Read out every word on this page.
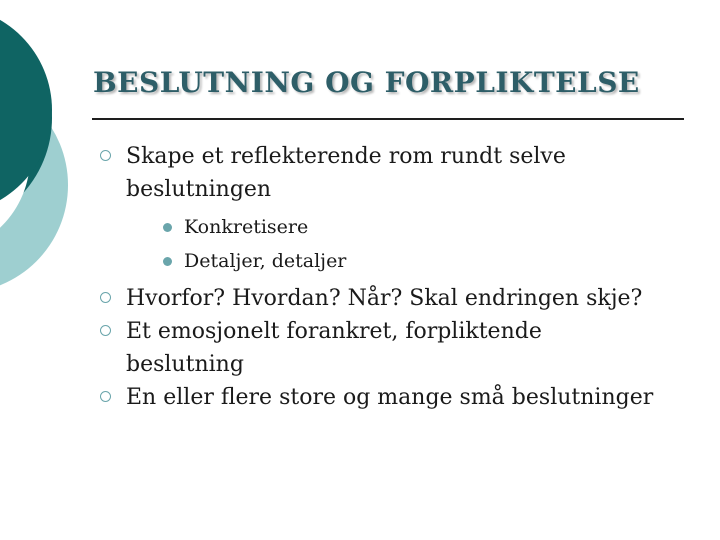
BESLUTNING OG FORPLIKTELSE
Skape et reflekterende rom rundt selve beslutningen
Konkretisere
Detaljer, detaljer
Hvorfor? Hvordan? Når? Skal endringen skje?
Et emosjonelt forankret, forpliktende beslutning
En eller flere store og mange små beslutninger
